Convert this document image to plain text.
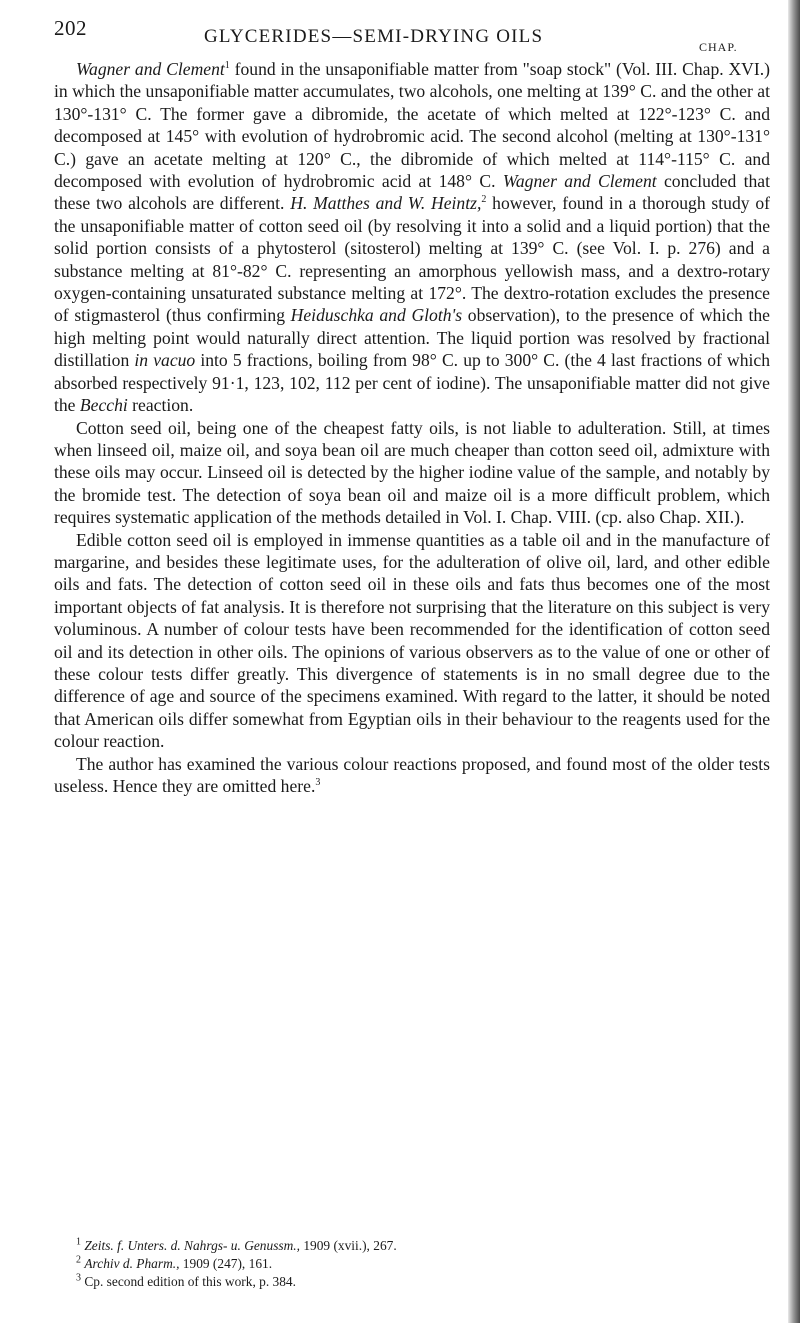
202	GLYCERIDES—SEMI-DRYING OILS	CHAP.

Wagner and Clement$^1$ found in the unsaponifiable matter from "soap stock" (Vol. III. Chap. XVI.) in which the unsaponifiable matter accumulates, two alcohols, one melting at 139° C. and the other at 130°-131° C. The former gave a dibromide, the acetate of which melted at 122°-123° C. and decomposed at 145° with evolution of hydrobromic acid. The second alcohol (melting at 130°-131° C.) gave an acetate melting at 120° C., the dibromide of which melted at 114°-115° C. and decomposed with evolution of hydrobromic acid at 148° C. Wagner and Clement concluded that these two alcohols are different. H. Matthes and W. Heintz,$^2$ however, found in a thorough study of the unsaponifiable matter of cotton seed oil (by resolving it into a solid and a liquid portion) that the solid portion consists of a phytosterol (sitosterol) melting at 139° C. (see Vol. I. p. 276) and a substance melting at 81°-82° C. representing an amorphous yellowish mass, and a dextro-rotary oxygen-containing unsaturated substance melting at 172°. The dextro-rotation excludes the presence of stigmasterol (thus confirming Heiduschka and Gloth's observation), to the presence of which the high melting point would naturally direct attention. The liquid portion was resolved by fractional distillation in vacuo into 5 fractions, boiling from 98° C. up to 300° C. (the 4 last fractions of which absorbed respectively 91·1, 123, 102, 112 per cent of iodine). The unsaponifiable matter did not give the Becchi reaction.

Cotton seed oil, being one of the cheapest fatty oils, is not liable to adulteration. Still, at times when linseed oil, maize oil, and soya bean oil are much cheaper than cotton seed oil, admixture with these oils may occur. Linseed oil is detected by the higher iodine value of the sample, and notably by the bromide test. The detection of soya bean oil and maize oil is a more difficult problem, which requires systematic application of the methods detailed in Vol. I. Chap. VIII. (cp. also Chap. XII.).

Edible cotton seed oil is employed in immense quantities as a table oil and in the manufacture of margarine, and besides these legitimate uses, for the adulteration of olive oil, lard, and other edible oils and fats. The detection of cotton seed oil in these oils and fats thus becomes one of the most important objects of fat analysis. It is therefore not surprising that the literature on this subject is very voluminous. A number of colour tests have been recommended for the identification of cotton seed oil and its detection in other oils. The opinions of various observers as to the value of one or other of these colour tests differ greatly. This divergence of statements is in no small degree due to the difference of age and source of the specimens examined. With regard to the latter, it should be noted that American oils differ somewhat from Egyptian oils in their behaviour to the reagents used for the colour reaction.

The author has examined the various colour reactions proposed, and found most of the older tests useless. Hence they are omitted here.$^3$

$^1$ Zeits. f. Unters. d. Nahrgs- u. Genussm., 1909 (xvii.), 267.
$^2$ Archiv d. Pharm., 1909 (247), 161.
$^3$ Cp. second edition of this work, p. 384.
